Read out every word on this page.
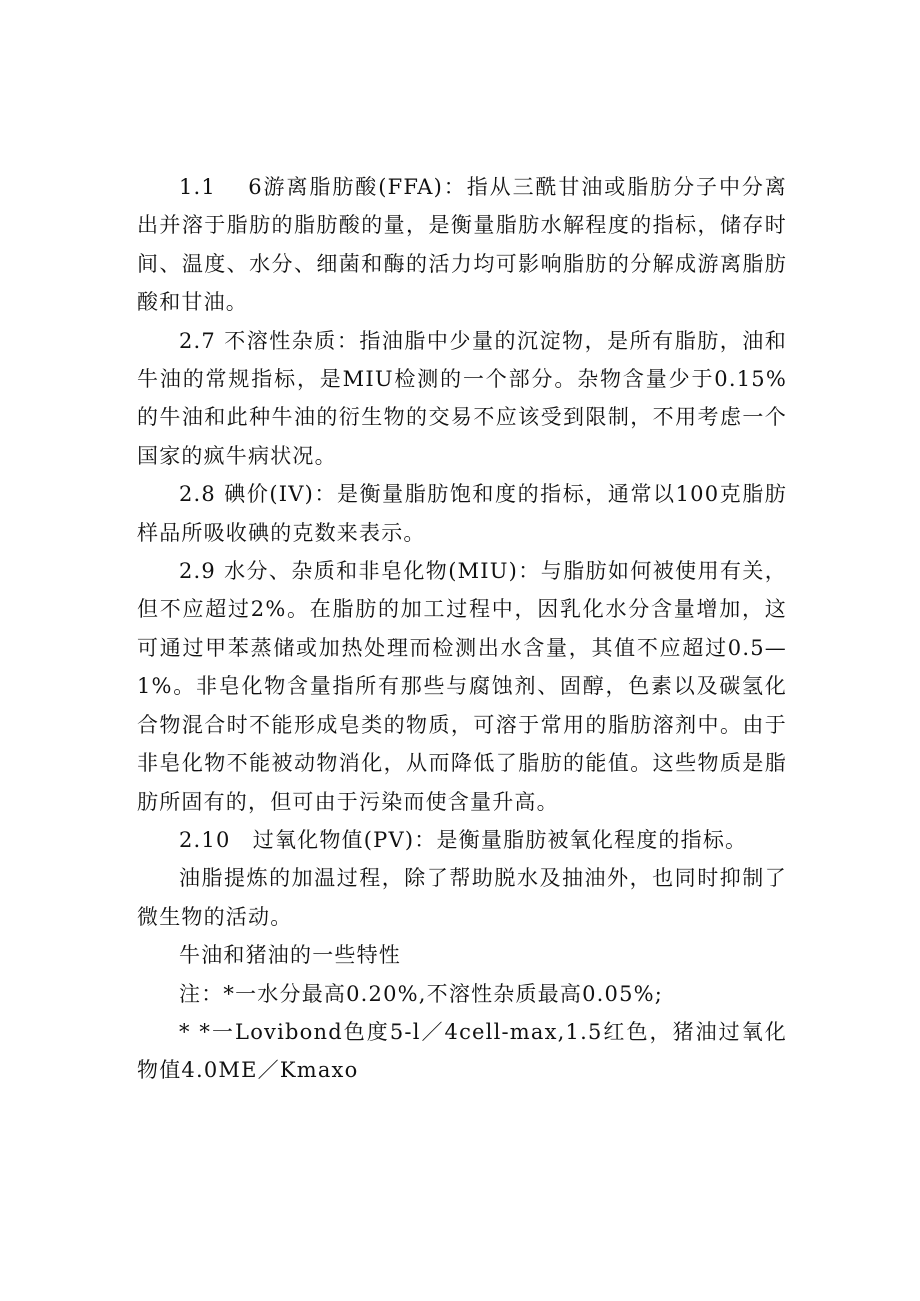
1.1　 6游离脂肪酸(FFA)：指从三酰甘油或脂肪分子中分离出并溶于脂肪的脂肪酸的量，是衡量脂肪水解程度的指标，储存时间、温度、水分、细菌和酶的活力均可影响脂肪的分解成游离脂肪酸和甘油。

2.7 不溶性杂质：指油脂中少量的沉淀物，是所有脂肪，油和牛油的常规指标，是MIU检测的一个部分。杂物含量少于0.15%的牛油和此种牛油的衍生物的交易不应该受到限制，不用考虑一个国家的疯牛病状况。

2.8 碘价(IV)：是衡量脂肪饱和度的指标，通常以100克脂肪样品所吸收碘的克数来表示。

2.9 水分、杂质和非皂化物(MIU)：与脂肪如何被使用有关，但不应超过2%。在脂肪的加工过程中，因乳化水分含量增加，这可通过甲苯蒸储或加热处理而检测出水含量，其值不应超过0.5—1%。非皂化物含量指所有那些与腐蚀剂、固醇，色素以及碳氢化合物混合时不能形成皂类的物质，可溶于常用的脂肪溶剂中。由于非皂化物不能被动物消化，从而降低了脂肪的能值。这些物质是脂肪所固有的，但可由于污染而使含量升高。

2.10　过氧化物值(PV)：是衡量脂肪被氧化程度的指标。

油脂提炼的加温过程，除了帮助脱水及抽油外，也同时抑制了微生物的活动。

牛油和猪油的一些特性

注：*一水分最高0.20%,不溶性杂质最高0.05%;

* *一Lovibond色度5-l／4cell-max,1.5红色，猪油过氧化物值4.0ME／Kmaxo
